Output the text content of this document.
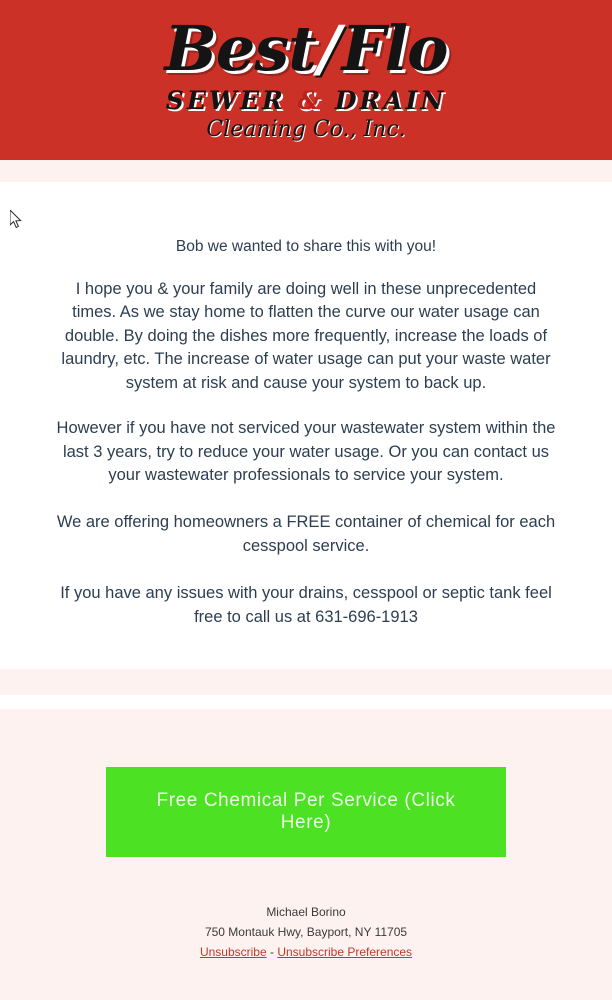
Best/Flo
SEWER & DRAIN
Cleaning Co., Inc.

Bob we wanted to share this with you!

I hope you & your family are doing well in these unprecedented times. As we stay home to flatten the curve our water usage can double. By doing the dishes more frequently, increase the loads of laundry, etc. The increase of water usage can put your waste water system at risk and cause your system to back up.

However if you have not serviced your wastewater system within the last 3 years, try to reduce your water usage. Or you can contact us your wastewater professionals to service your system.

We are offering homeowners a FREE container of chemical for each cesspool service.

If you have any issues with your drains, cesspool or septic tank feel free to call us at 631-696-1913

Free Chemical Per Service (Click Here)
Michael Borino
750 Montauk Hwy, Bayport, NY 11705
Unsubscribe - Unsubscribe Preferences
